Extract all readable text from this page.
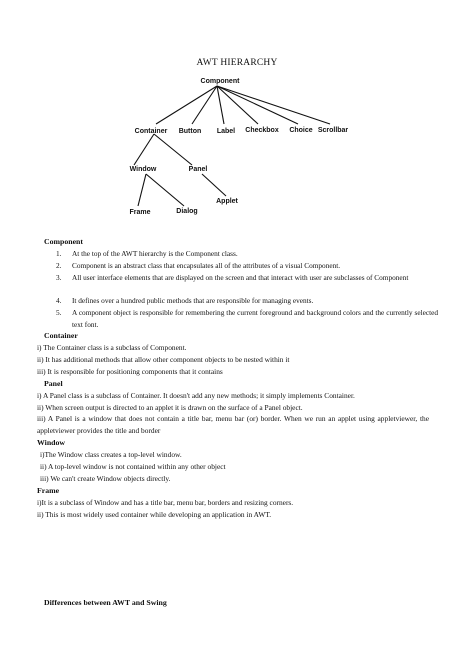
AWT HIERARCHY
Component
Container Button Label Checkbox Choice Scrollbar
Window	Panel
Frame	Dialog
Applet
Component
1. At the top of the AWT hierarchy is the Component class.
2. Component is an abstract class that encapsulates all of the attributes of a visual Component.
3. All user interface elements that are displayed on the screen and that interact with user are subclasses of Component
4. It defines over a hundred public methods that are responsible for managing events.
5. A component object is responsible for remembering the current foreground and background colors and the currently selected text font.
Container
i) The Container class is a subclass of Component.
ii) It has additional methods that allow other component objects to be nested within it
iii) It is responsible for positioning components that it contains
Panel
i) A Panel class is a subclass of Container. It doesn't add any new methods; it simply implements Container.
ii) When screen output is directed to an applet it is drawn on the surface of a Panel object.
iii) A Panel is a window that does not contain a title bar, menu bar (or) border. When we run an applet using appletviewer, the appletviewer provides the title and border
Window
i)The Window class creates a top-level window.
ii) A top-level window is not contained within any other object
iii) We can't create Window objects directly.
Frame
i)It is a subclass of Window and has a title bar, menu bar, borders and resizing corners.
ii) This is most widely used container while developing an application in AWT.
Differences between AWT and Swing
